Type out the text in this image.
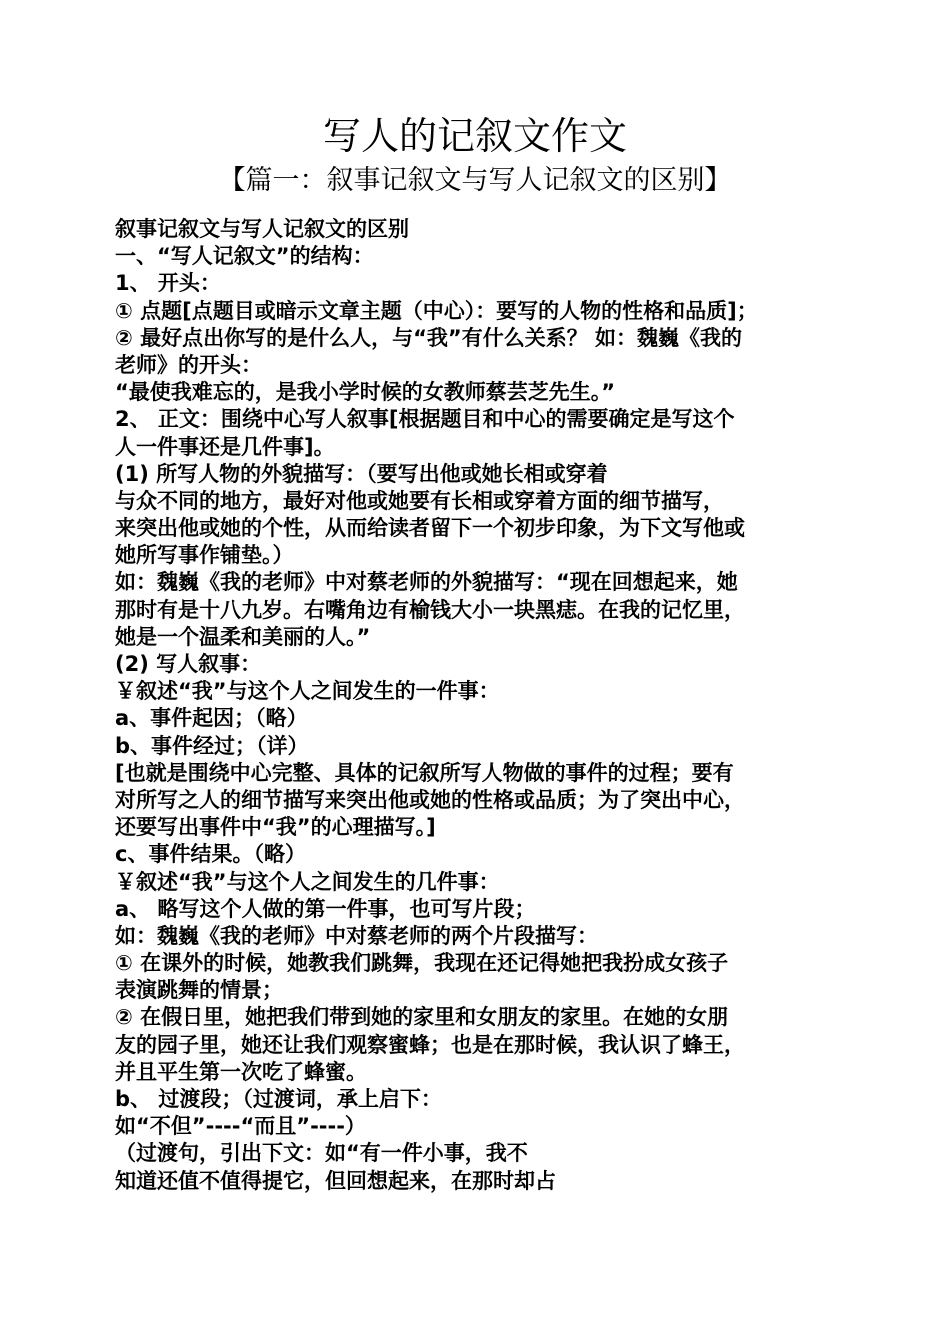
写人的记叙文作文
【篇一：叙事记叙文与写人记叙文的区别】
叙事记叙文与写人记叙文的区别
一、“写人记叙文”的结构：
1、 开头：
① 点题[点题目或暗示文章主题（中心）：要写的人物的性格和品质]；
② 最好点出你写的是什么人，与“我”有什么关系？ 如：魏巍《我的
老师》的开头：
“最使我难忘的，是我小学时候的女教师蔡芸芝先生。”
2、 正文：围绕中心写人叙事[根据题目和中心的需要确定是写这个
人一件事还是几件事]。
(1) 所写人物的外貌描写：（要写出他或她长相或穿着
与众不同的地方，最好对他或她要有长相或穿着方面的细节描写，
来突出他或她的个性，从而给读者留下一个初步印象，为下文写他或
她所写事作铺垫。）
如：魏巍《我的老师》中对蔡老师的外貌描写：“现在回想起来，她
那时有是十八九岁。右嘴角边有榆钱大小一块黑痣。在我的记忆里，
她是一个温柔和美丽的人。”
(2) 写人叙事：
￥叙述“我”与这个人之间发生的一件事：
a、事件起因；（略）
b、事件经过；（详）
[也就是围绕中心完整、具体的记叙所写人物做的事件的过程；要有
对所写之人的细节描写来突出他或她的性格或品质；为了突出中心，
还要写出事件中“我”的心理描写。]
c、事件结果。（略）
￥叙述“我”与这个人之间发生的几件事：
a、 略写这个人做的第一件事，也可写片段；
如：魏巍《我的老师》中对蔡老师的两个片段描写：
① 在课外的时候，她教我们跳舞，我现在还记得她把我扮成女孩子
表演跳舞的情景；
② 在假日里，她把我们带到她的家里和女朋友的家里。在她的女朋
友的园子里，她还让我们观察蜜蜂；也是在那时候，我认识了蜂王，
并且平生第一次吃了蜂蜜。
b、 过渡段；（过渡词，承上启下：
如“不但”----“而且”----）
（过渡句，引出下文：如“有一件小事，我不
知道还值不值得提它，但回想起来，在那时却占
